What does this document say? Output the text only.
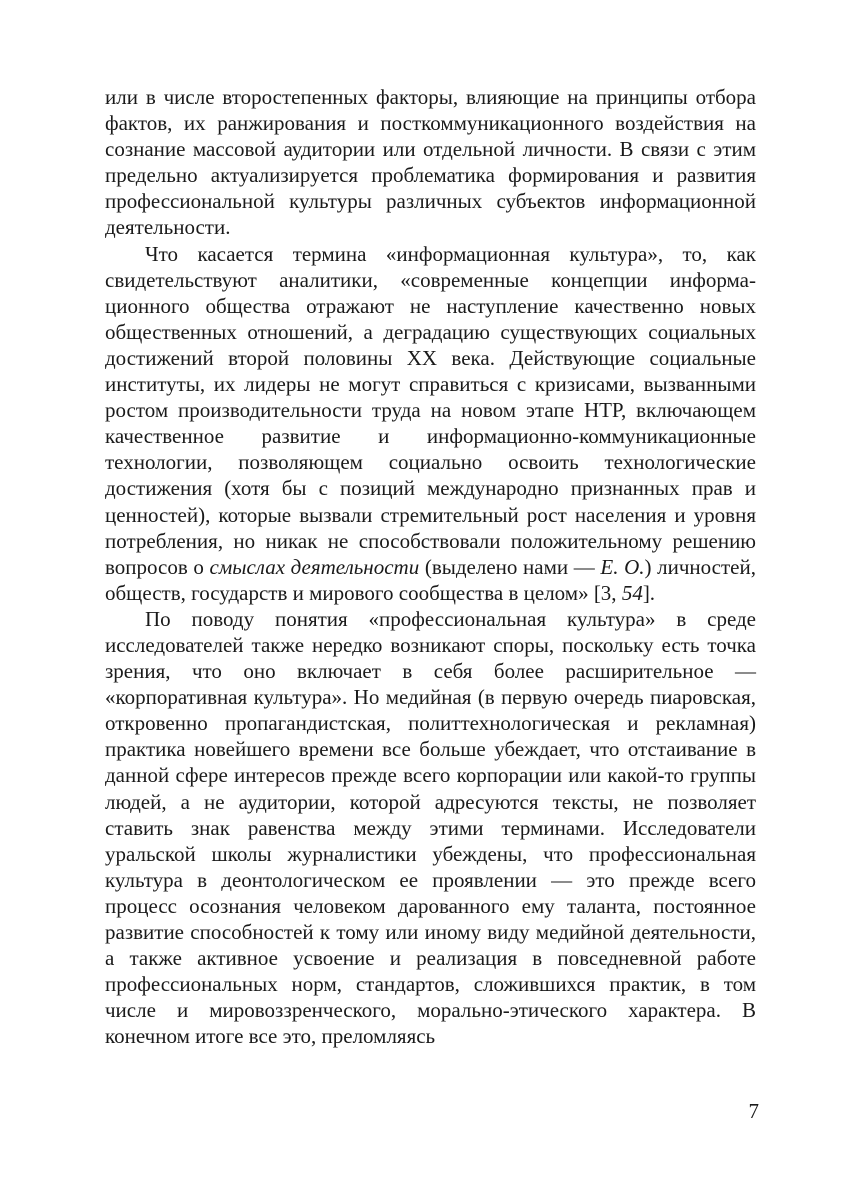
или в числе второстепенных факторы, влияющие на принципы отбора фактов, их ранжирования и посткоммуникационного воздействия на сознание массовой аудитории или отдельной личности. В связи с этим предельно актуализируется проблематика формирования и развития профессиональной культуры различных субъектов информационной деятельности.

Что касается термина «информационная культура», то, как свидетельствуют аналитики, «современные концепции информационного общества отражают не наступление качественно новых общественных отношений, а деградацию существующих социальных достижений второй половины XX века. Действующие социальные институты, их лидеры не могут справиться с кризисами, вызванными ростом производительности труда на новом этапе НТР, включающем качественное развитие и информационно-коммуникационные технологии, позволяющем социально освоить технологические достижения (хотя бы с позиций международно признанных прав и ценностей), которые вызвали стремительный рост населения и уровня потребления, но никак не способствовали положительному решению вопросов о смыслах деятельности (выделено нами — Е. О.) личностей, обществ, государств и мирового сообщества в целом» [3, 54].

По поводу понятия «профессиональная культура» в среде исследователей также нередко возникают споры, поскольку есть точка зрения, что оно включает в себя более расширительное — «корпоративная культура». Но медийная (в первую очередь пиаровская, откровенно пропагандистская, политтехнологическая и рекламная) практика новейшего времени все больше убеждает, что отстаивание в данной сфере интересов прежде всего корпорации или какой-то группы людей, а не аудитории, которой адресуются тексты, не позволяет ставить знак равенства между этими терминами. Исследователи уральской школы журналистики убеждены, что профессиональная культура в деонтологическом ее проявлении — это прежде всего процесс осознания человеком дарованного ему таланта, постоянное развитие способностей к тому или иному виду медийной деятельности, а также активное усвоение и реализация в повседневной работе профессиональных норм, стандартов, сложившихся практик, в том числе и мировоззренческого, морально-этического характера. В конечном итоге все это, преломляясь

7
